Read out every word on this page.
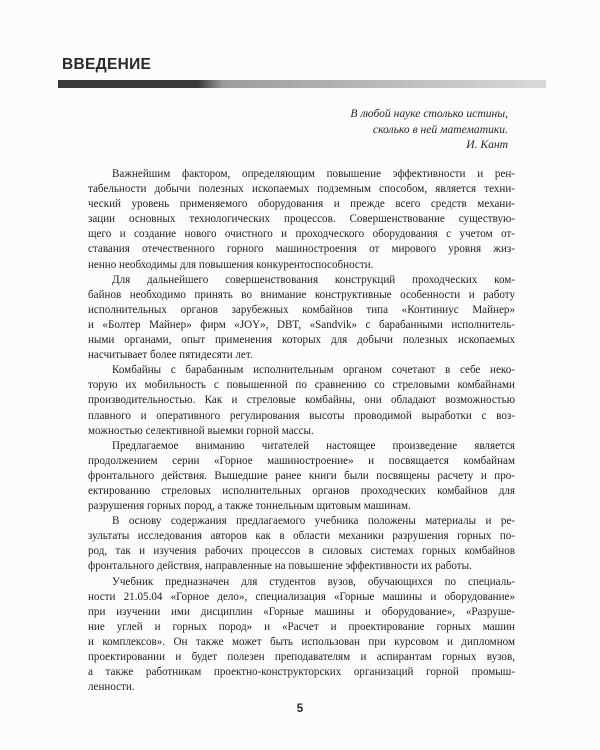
ВВЕДЕНИЕ
В любой науке столько истины,
сколько в ней математики.
И. Кант

Важнейшим фактором, определяющим повышение эффективности и рен-
табельности добычи полезных ископаемых подземным способом, является техни-
ческий уровень применяемого оборудования и прежде всего средств механи-
зации основных технологических процессов. Совершенствование существую-
щего и создание нового очистного и проходческого оборудования с учетом от-
ставания отечественного горного машиностроения от мирового уровня жиз-
ненно необходимы для повышения конкурентоспособности.

Для дальнейшего совершенствования конструкций проходческих ком-
байнов необходимо принять во внимание конструктивные особенности и работу
исполнительных органов зарубежных комбайнов типа «Континиус Майнер»
и «Болтер Майнер» фирм «JOY», DBT, «Sandvik» с барабанными исполнитель-
ными органами, опыт применения которых для добычи полезных ископаемых
насчитывает более пятидесяти лет.

Комбайны с барабанным исполнительным органом сочетают в себе неко-
торую их мобильность с повышенной по сравнению со стреловыми комбайнами
производительностью. Как и стреловые комбайны, они обладают возможностью
плавного и оперативного регулирования высоты проводимой выработки с воз-
можностью селективной выемки горной массы.

Предлагаемое вниманию читателей настоящее произведение является
продолжением серии «Горное машиностроение» и посвящается комбайнам
фронтального действия. Вышедшие ранее книги были посвящены расчету и про-
ектированию стреловых исполнительных органов проходческих комбайнов для
разрушения горных пород, а также тоннельным щитовым машинам.

В основу содержания предлагаемого учебника положены материалы и ре-
зультаты исследования авторов как в области механики разрушения горных по-
род, так и изучения рабочих процессов в силовых системах горных комбайнов
фронтального действия, направленные на повышение эффективности их работы.

Учебник предназначен для студентов вузов, обучающихся по специаль-
ности 21.05.04 «Горное дело», специализация «Горные машины и оборудование»
при изучении ими дисциплин «Горные машины и оборудование», «Разруше-
ние углей и горных пород» и «Расчет и проектирование горных машин
и комплексов». Он также может быть использован при курсовом и дипломном
проектировании и будет полезен преподавателям и аспирантам горных вузов,
а также работникам проектно-конструкторских организаций горной промыш-
ленности.

5
